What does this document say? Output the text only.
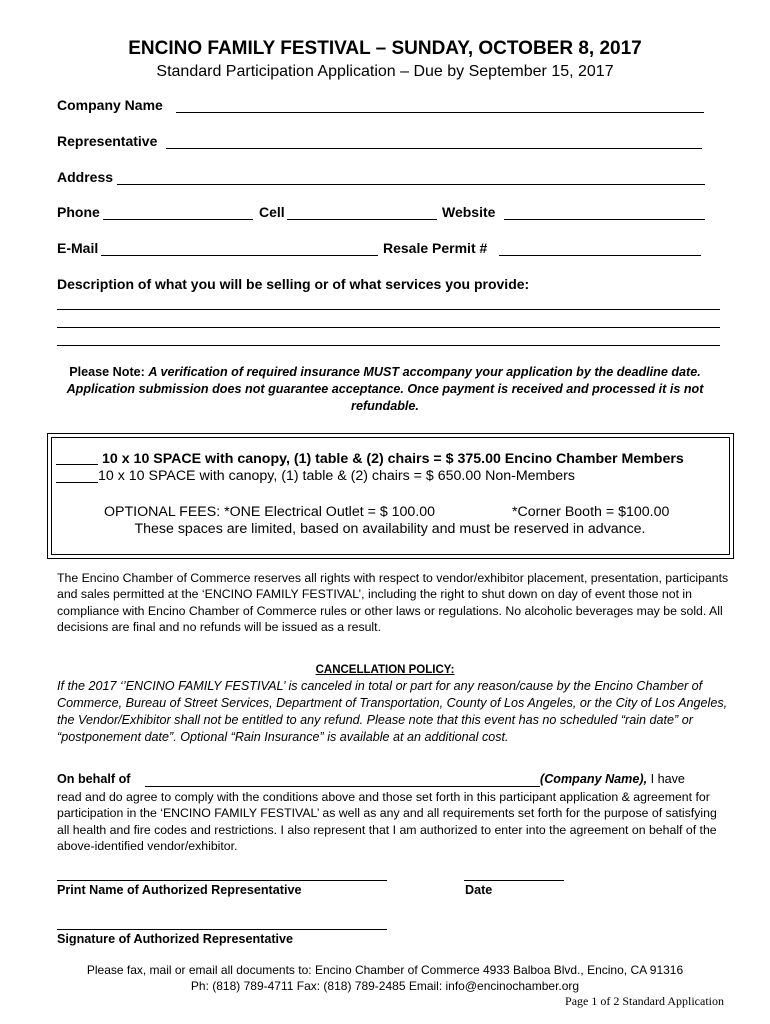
ENCINO FAMILY FESTIVAL – SUNDAY, OCTOBER 8, 2017
Standard Participation Application – Due by September 15, 2017
Company Name
Representative
Address
Phone	Cell	Website
E-Mail	Resale Permit #
Description of what you will be selling or of what services you provide:
Please Note: A verification of required insurance MUST accompany your application by the deadline date. Application submission does not guarantee acceptance. Once payment is received and processed it is not refundable.
10 x 10 SPACE with canopy, (1) table & (2) chairs = $ 375.00 Encino Chamber Members
10 x 10 SPACE with canopy, (1) table & (2) chairs = $ 650.00 Non-Members
OPTIONAL FEES: *ONE Electrical Outlet = $ 100.00	*Corner Booth = $100.00
These spaces are limited, based on availability and must be reserved in advance.
The Encino Chamber of Commerce reserves all rights with respect to vendor/exhibitor placement, presentation, participants and sales permitted at the ‘ENCINO FAMILY FESTIVAL’, including the right to shut down on day of event those not in compliance with Encino Chamber of Commerce rules or other laws or regulations. No alcoholic beverages may be sold. All decisions are final and no refunds will be issued as a result.
CANCELLATION POLICY:
If the 2017 ‘’ENCINO FAMILY FESTIVAL’ is canceled in total or part for any reason/cause by the Encino Chamber of Commerce, Bureau of Street Services, Department of Transportation, County of Los Angeles, or the City of Los Angeles, the Vendor/Exhibitor shall not be entitled to any refund. Please note that this event has no scheduled “rain date” or “postponement date”. Optional “Rain Insurance” is available at an additional cost.
On behalf of	(Company Name), I have
read and do agree to comply with the conditions above and those set forth in this participant application & agreement for participation in the ‘ENCINO FAMILY FESTIVAL’ as well as any and all requirements set forth for the purpose of satisfying all health and fire codes and restrictions. I also represent that I am authorized to enter into the agreement on behalf of the above-identified vendor/exhibitor.
Print Name of Authorized Representative	Date
Signature of Authorized Representative
Please fax, mail or email all documents to: Encino Chamber of Commerce 4933 Balboa Blvd., Encino, CA 91316
Ph: (818) 789-4711 Fax: (818) 789-2485 Email: info@encinochamber.org
Page 1 of 2 Standard Application
